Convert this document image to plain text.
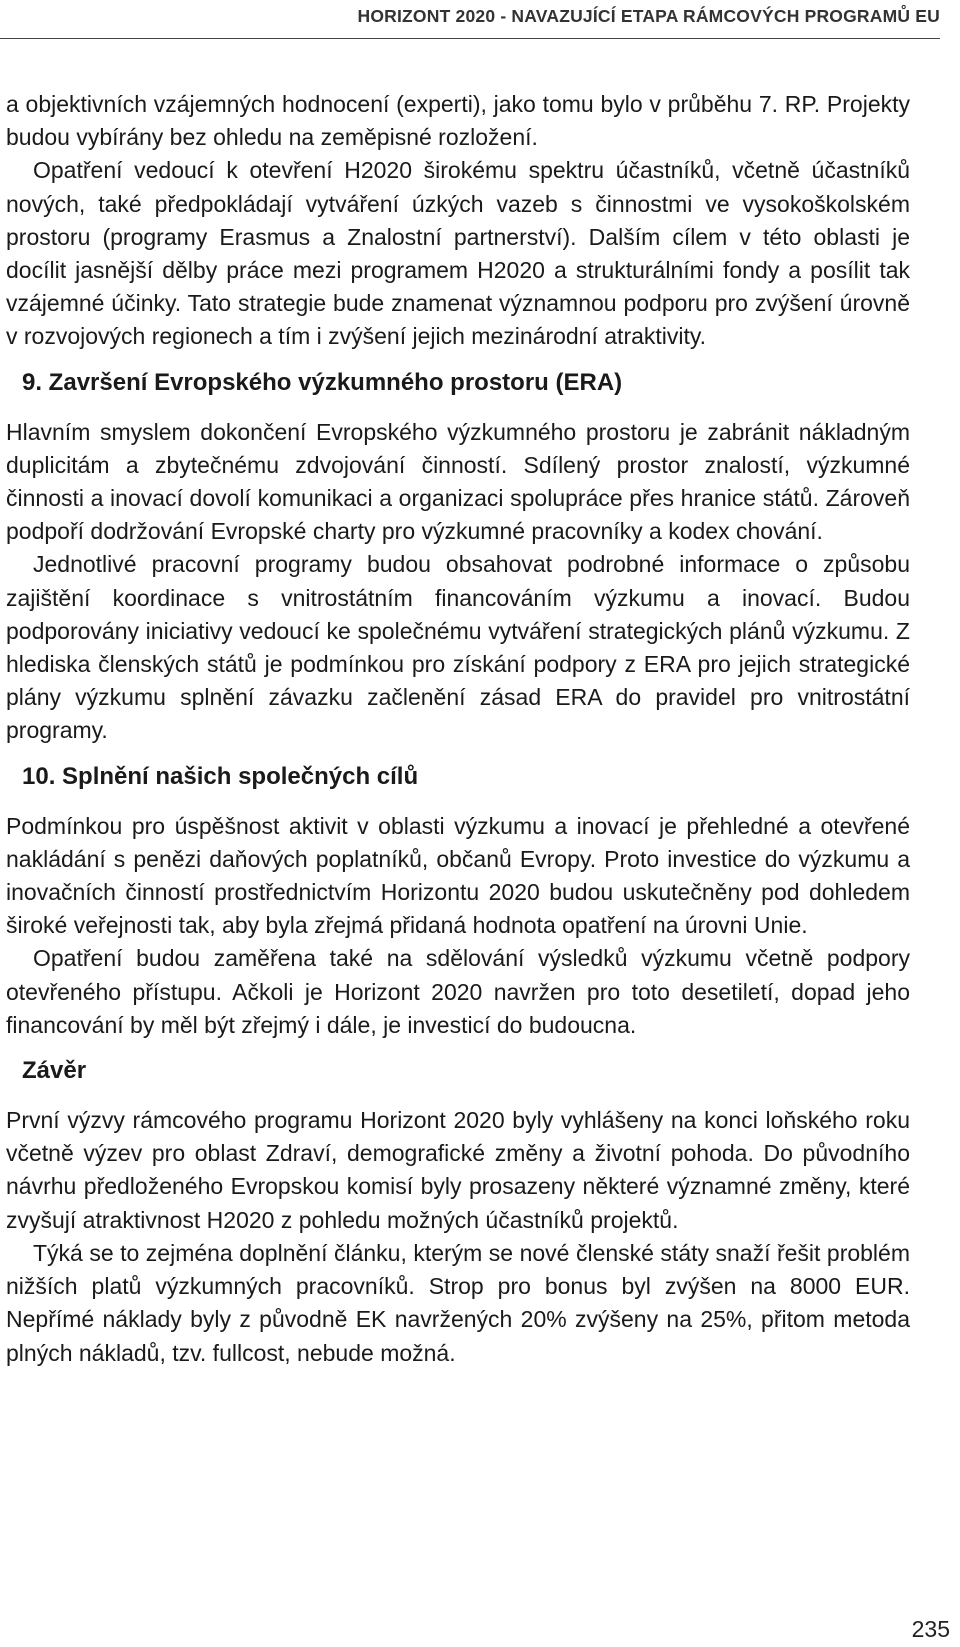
HORIZONT 2020 - NAVAZUJÍCÍ ETAPA RÁMCOVÝCH PROGRAMŮ EU

a objektivních vzájemných hodnocení (experti), jako tomu bylo v průběhu 7. RP. Projekty budou vybírány bez ohledu na zeměpisné rozložení.

Opatření vedoucí k otevření H2020 širokému spektru účastníků, včetně účastníků nových, také předpokládají vytváření úzkých vazeb s činnostmi ve vysokoškolském prostoru (programy Erasmus a Znalostní partnerství). Dalším cílem v této oblasti je docílit jasnější dělby práce mezi programem H2020 a strukturálními fondy a posílit tak vzájemné účinky. Tato strategie bude znamenat významnou podporu pro zvýšení úrovně v rozvojových regionech a tím i zvýšení jejich mezinárodní atraktivity.

9. Završení Evropského výzkumného prostoru (ERA)

Hlavním smyslem dokončení Evropského výzkumného prostoru je zabránit nákladným duplicitám a zbytečnému zdvojování činností. Sdílený prostor znalostí, výzkumné činnosti a inovací dovolí komunikaci a organizaci spolupráce přes hranice států. Zároveň podpoří dodržování Evropské charty pro výzkumné pracovníky a kodex chování.

Jednotlivé pracovní programy budou obsahovat podrobné informace o způsobu zajištění koordinace s vnitrostátním financováním výzkumu a inovací. Budou podporovány iniciativy vedoucí ke společnému vytváření strategických plánů výzkumu. Z hlediska členských států je podmínkou pro získání podpory z ERA pro jejich strategické plány výzkumu splnění závazku začlenění zásad ERA do pravidel pro vnitrostátní programy.

10. Splnění našich společných cílů

Podmínkou pro úspěšnost aktivit v oblasti výzkumu a inovací je přehledné a otevřené nakládání s penězi daňových poplatníků, občanů Evropy. Proto investice do výzkumu a inovačních činností prostřednictvím Horizontu 2020 budou uskutečněny pod dohledem široké veřejnosti tak, aby byla zřejmá přidaná hodnota opatření na úrovni Unie.

Opatření budou zaměřena také na sdělování výsledků výzkumu včetně podpory otevřeného přístupu. Ačkoli je Horizont 2020 navržen pro toto desetiletí, dopad jeho financování by měl být zřejmý i dále, je investicí do budoucna.

Závěr

První výzvy rámcového programu Horizont 2020 byly vyhlášeny na konci loňského roku včetně výzev pro oblast Zdraví, demografické změny a životní pohoda. Do původního návrhu předloženého Evropskou komisí byly prosazeny některé významné změny, které zvyšují atraktivnost H2020 z pohledu možných účastníků projektů.

Týká se to zejména doplnění článku, kterým se nové členské státy snaží řešit problém nižších platů výzkumných pracovníků. Strop pro bonus byl zvýšen na 8000 EUR. Nepřímé náklady byly z původně EK navržených 20% zvýšeny na 25%, přitom metoda plných nákladů, tzv. fullcost, nebude možná.

235
